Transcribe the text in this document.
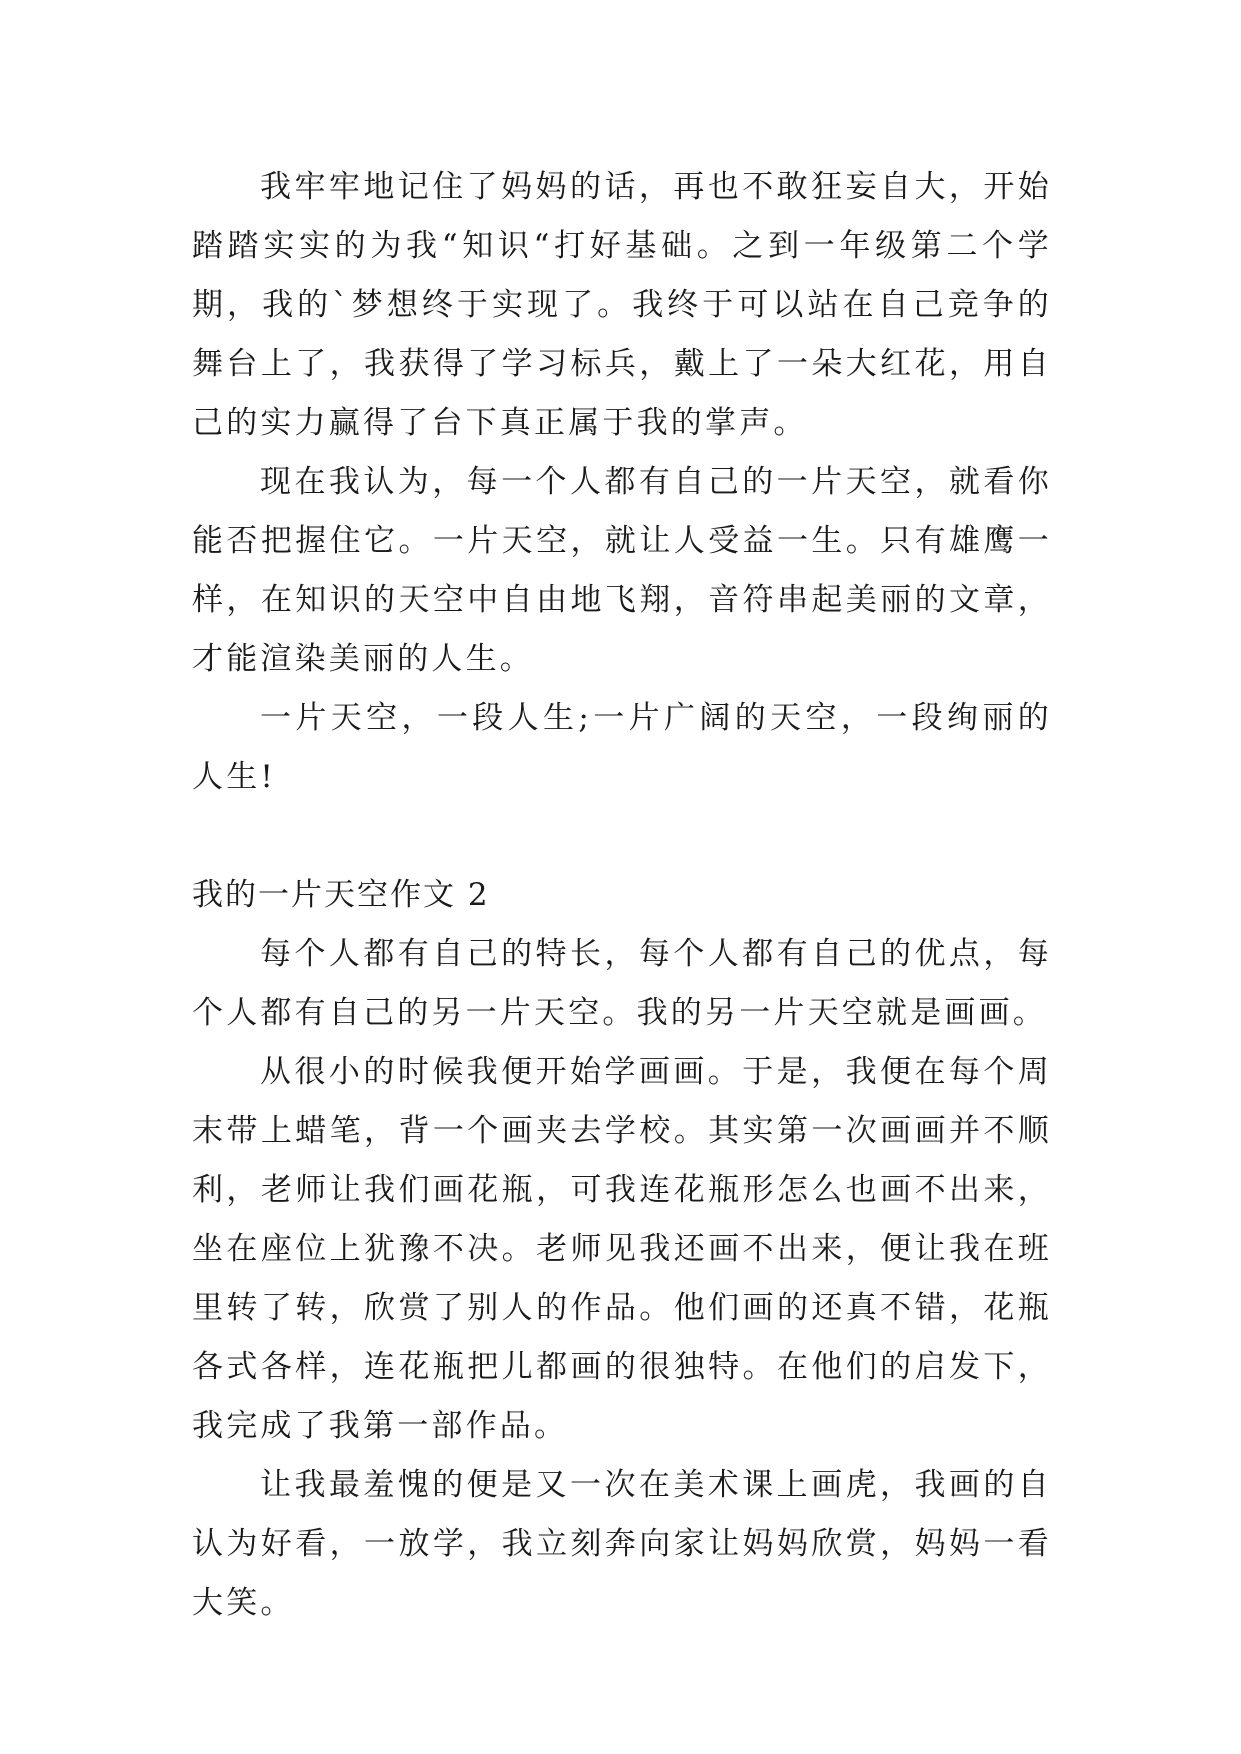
我牢牢地记住了妈妈的话，再也不敢狂妄自大，开始踏踏实实的为我“知识“打好基础。之到一年级第二个学期，我的`梦想终于实现了。我终于可以站在自己竞争的舞台上了，我获得了学习标兵，戴上了一朵大红花，用自己的实力赢得了台下真正属于我的掌声。

现在我认为，每一个人都有自己的一片天空，就看你能否把握住它。一片天空，就让人受益一生。只有雄鹰一样，在知识的天空中自由地飞翔，音符串起美丽的文章，才能渲染美丽的人生。

一片天空，一段人生;一片广阔的天空，一段绚丽的人生!

我的一片天空作文 2

每个人都有自己的特长，每个人都有自己的优点，每个人都有自己的另一片天空。我的另一片天空就是画画。

从很小的时候我便开始学画画。于是，我便在每个周末带上蜡笔，背一个画夹去学校。其实第一次画画并不顺利，老师让我们画花瓶，可我连花瓶形怎么也画不出来，坐在座位上犹豫不决。老师见我还画不出来，便让我在班里转了转，欣赏了别人的作品。他们画的还真不错，花瓶各式各样，连花瓶把儿都画的很独特。在他们的启发下，我完成了我第一部作品。

让我最羞愧的便是又一次在美术课上画虎，我画的自认为好看，一放学，我立刻奔向家让妈妈欣赏，妈妈一看大笑。
